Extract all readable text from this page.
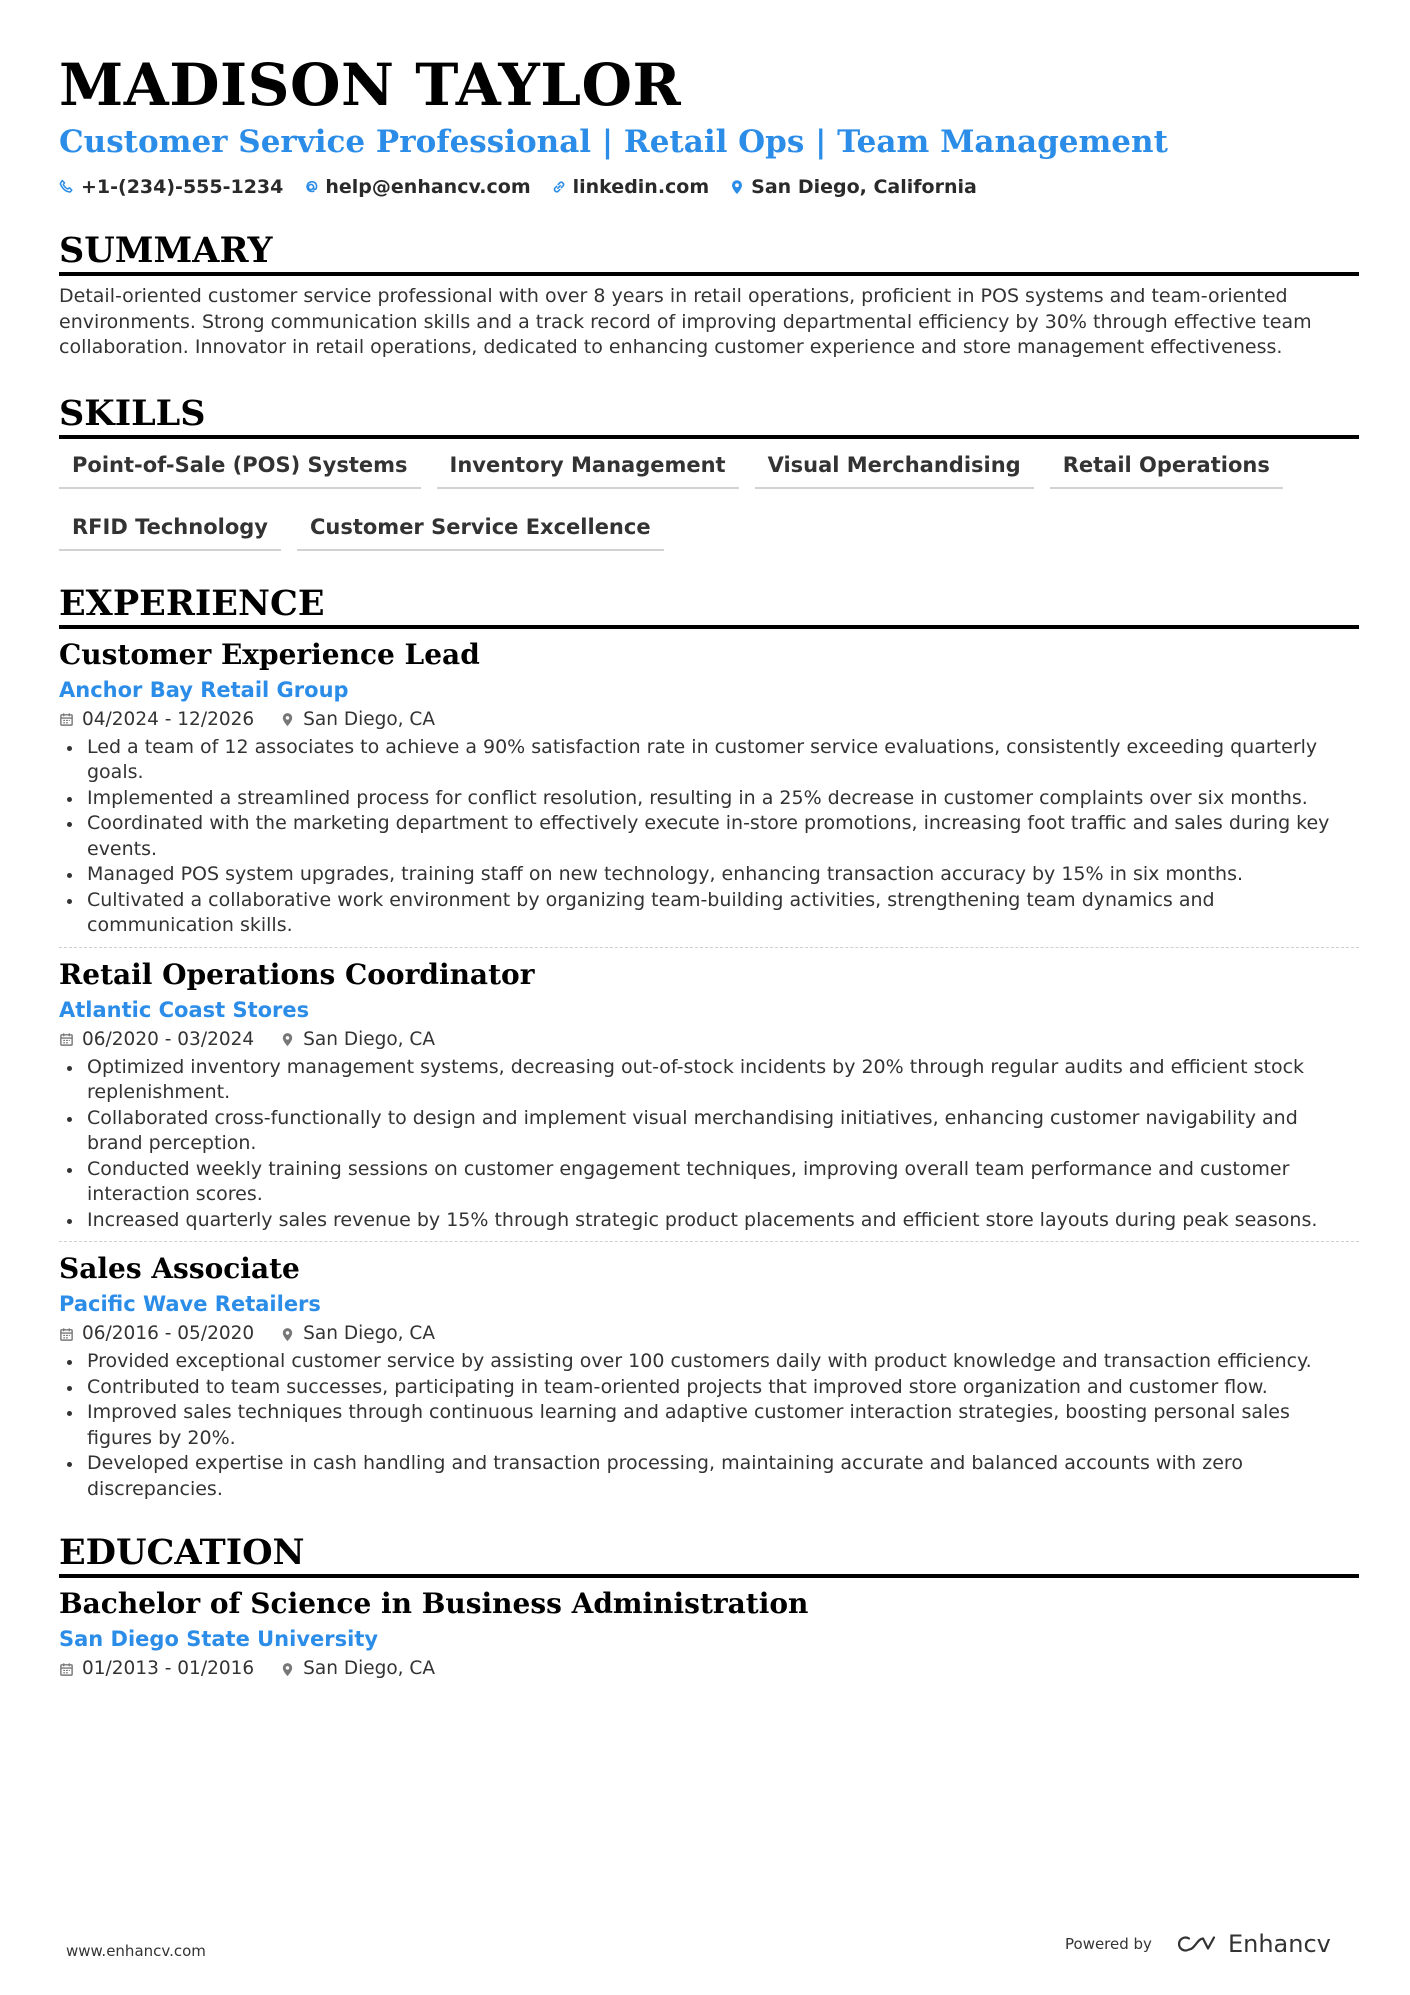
MADISON TAYLOR
Customer Service Professional | Retail Ops | Team Management
+1-(234)-555-1234 help@enhancv.com linkedin.com San Diego, California
SUMMARY
Detail-oriented customer service professional with over 8 years in retail operations, proficient in POS systems and team-oriented environments. Strong communication skills and a track record of improving departmental efficiency by 30% through effective team collaboration. Innovator in retail operations, dedicated to enhancing customer experience and store management effectiveness.
SKILLS
Point-of-Sale (POS) Systems	Inventory Management	Visual Merchandising	Retail Operations
RFID Technology	Customer Service Excellence
EXPERIENCE
Customer Experience Lead
Anchor Bay Retail Group
04/2024 - 12/2026	San Diego, CA
Led a team of 12 associates to achieve a 90% satisfaction rate in customer service evaluations, consistently exceeding quarterly goals.
Implemented a streamlined process for conflict resolution, resulting in a 25% decrease in customer complaints over six months.
Coordinated with the marketing department to effectively execute in-store promotions, increasing foot traffic and sales during key events.
Managed POS system upgrades, training staff on new technology, enhancing transaction accuracy by 15% in six months.
Cultivated a collaborative work environment by organizing team-building activities, strengthening team dynamics and communication skills.
Retail Operations Coordinator
Atlantic Coast Stores
06/2020 - 03/2024	San Diego, CA
Optimized inventory management systems, decreasing out-of-stock incidents by 20% through regular audits and efficient stock replenishment.
Collaborated cross-functionally to design and implement visual merchandising initiatives, enhancing customer navigability and brand perception.
Conducted weekly training sessions on customer engagement techniques, improving overall team performance and customer interaction scores.
Increased quarterly sales revenue by 15% through strategic product placements and efficient store layouts during peak seasons.
Sales Associate
Pacific Wave Retailers
06/2016 - 05/2020	San Diego, CA
Provided exceptional customer service by assisting over 100 customers daily with product knowledge and transaction efficiency.
Contributed to team successes, participating in team-oriented projects that improved store organization and customer flow.
Improved sales techniques through continuous learning and adaptive customer interaction strategies, boosting personal sales figures by 20%.
Developed expertise in cash handling and transaction processing, maintaining accurate and balanced accounts with zero discrepancies.
EDUCATION
Bachelor of Science in Business Administration
San Diego State University
01/2013 - 01/2016	San Diego, CA
www.enhancv.com	Powered by	Enhancv
